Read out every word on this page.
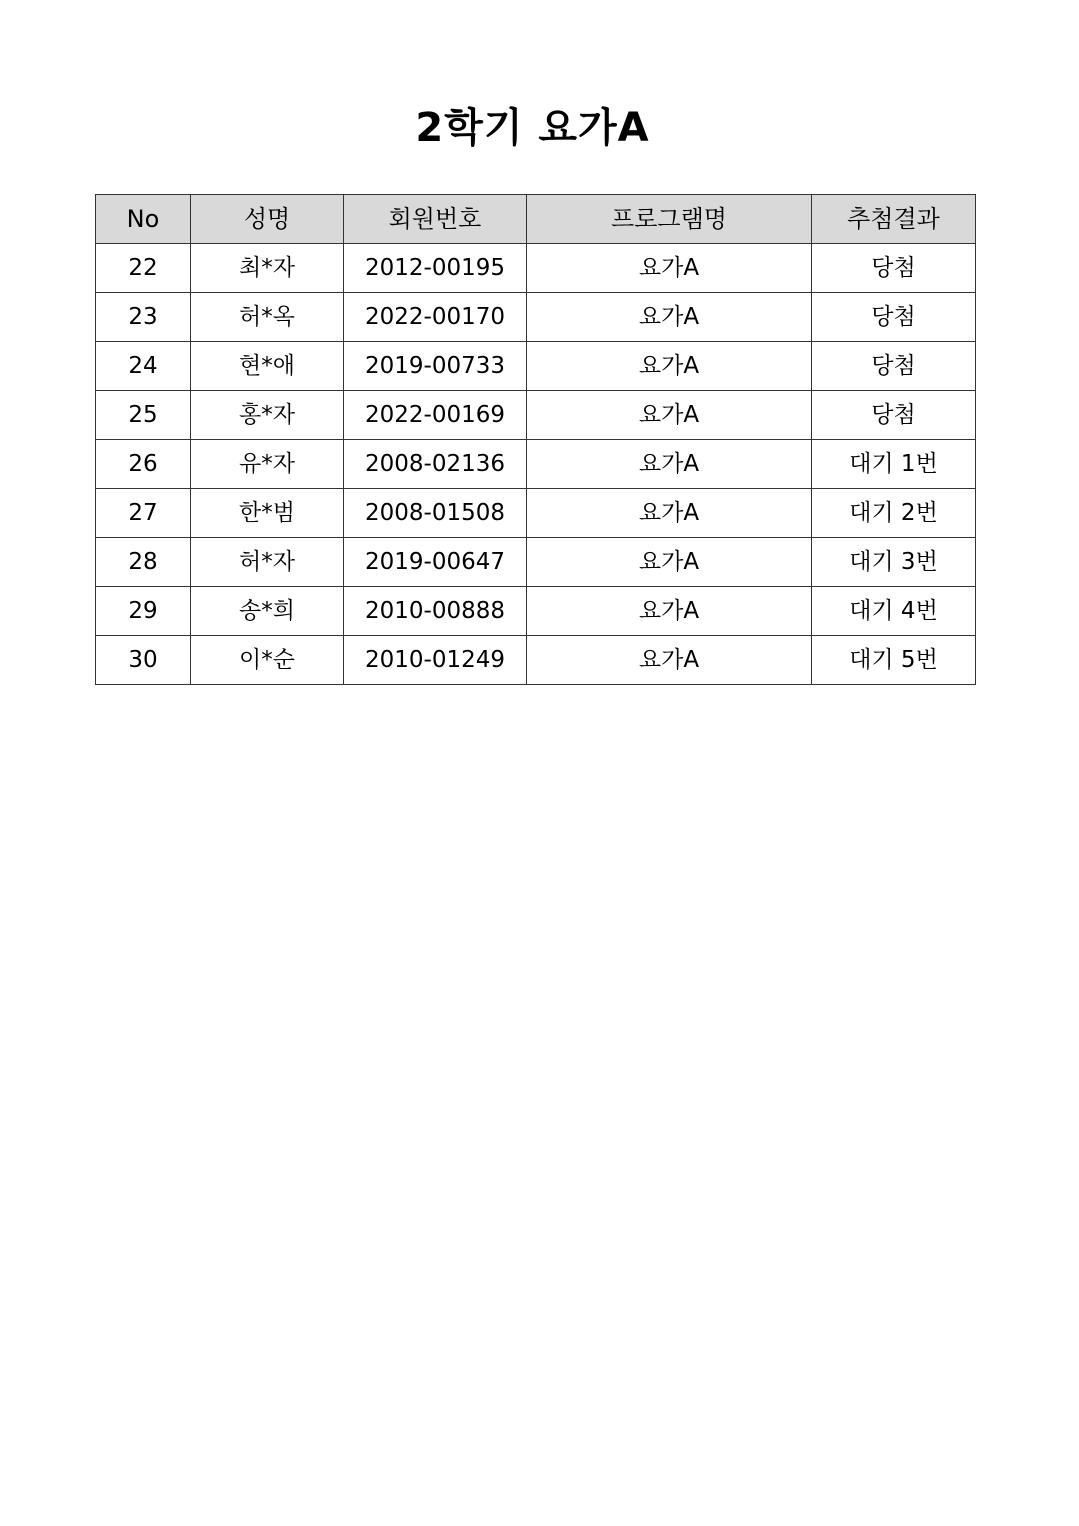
2학기 요가A
No	성명	회원번호	프로그램명	추첨결과
22	최*자	2012-00195	요가A	당첨
23	허*옥	2022-00170	요가A	당첨
24	현*애	2019-00733	요가A	당첨
25	홍*자	2022-00169	요가A	당첨
26	유*자	2008-02136	요가A	대기 1번
27	한*범	2008-01508	요가A	대기 2번
28	허*자	2019-00647	요가A	대기 3번
29	송*희	2010-00888	요가A	대기 4번
30	이*순	2010-01249	요가A	대기 5번
